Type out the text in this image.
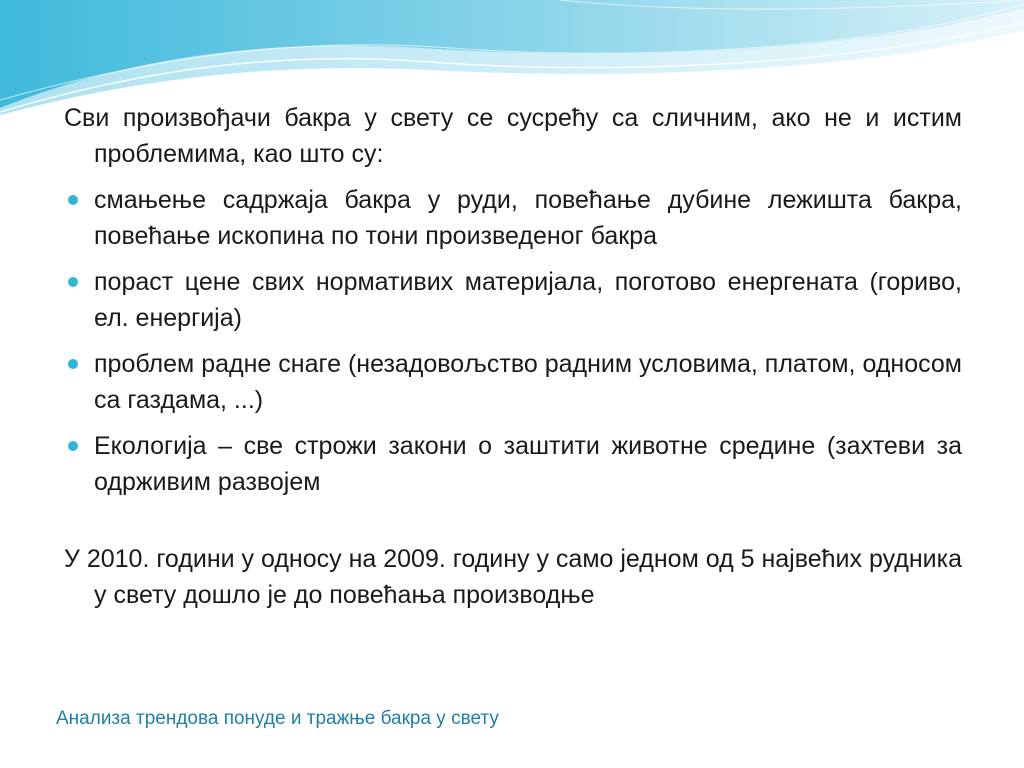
Сви произвођачи бакра у свету се сусрећу са сличним, ако не и истим проблемима, као што су:

смањење садржаја бакра у руди, повећање дубине лежишта бакра, повећање ископина по тони произведеног бакра
пораст цене свих нормативих материјала, поготово енергената (гориво, ел. енергија)
проблем радне снаге (незадовољство радним условима, платом, односом са газдама, ...)
Екологија – све строжи закони о заштити животне средине (захтеви за одрживим развојем

У 2010. години у односу на 2009. годину у само једном од 5 највећих рудника у свету дошло је до повећања производње

Анализа трендова понуде и тражње бакра у свету
